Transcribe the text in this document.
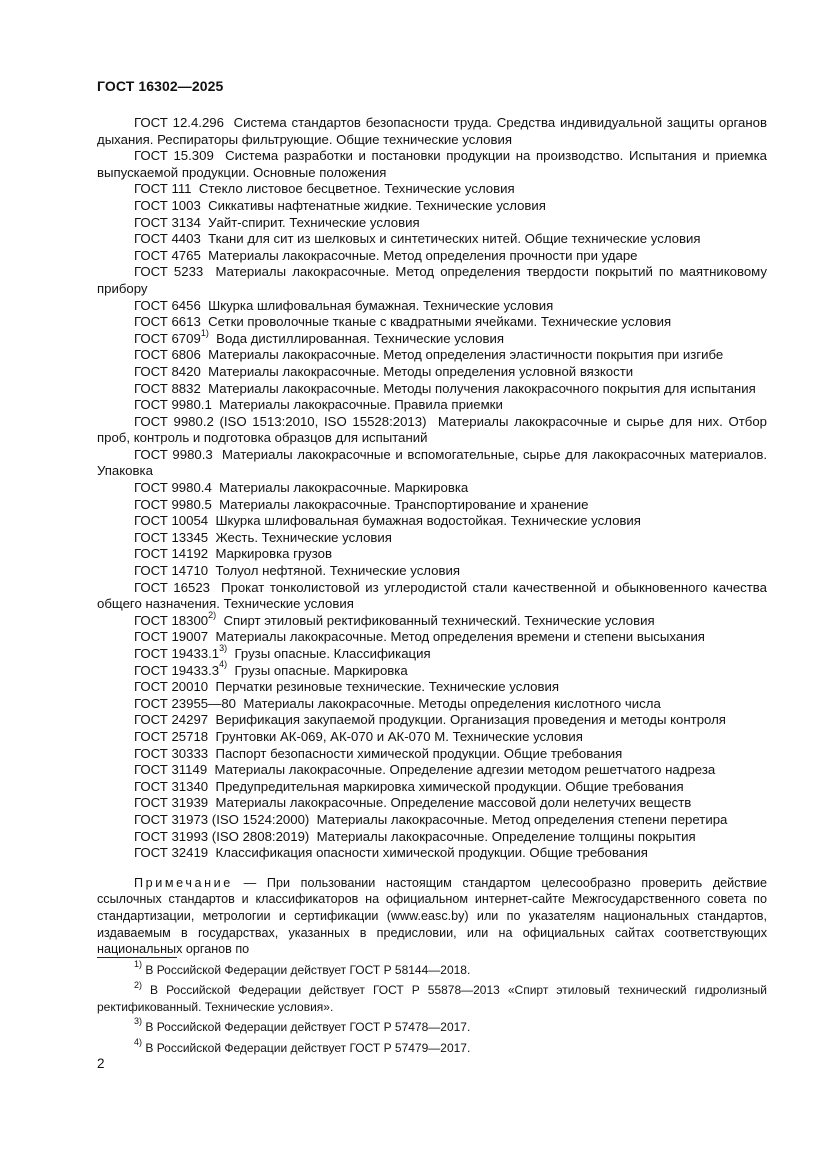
ГОСТ 16302—2025

ГОСТ 12.4.296 Система стандартов безопасности труда. Средства индивидуальной защиты органов дыхания. Респираторы фильтрующие. Общие технические условия

ГОСТ 15.309 Система разработки и постановки продукции на производство. Испытания и приемка выпускаемой продукции. Основные положения

ГОСТ 111 Стекло листовое бесцветное. Технические условия

ГОСТ 1003 Сиккативы нафтенатные жидкие. Технические условия

ГОСТ 3134 Уайт-спирит. Технические условия

ГОСТ 4403 Ткани для сит из шелковых и синтетических нитей. Общие технические условия

ГОСТ 4765 Материалы лакокрасочные. Метод определения прочности при ударе

ГОСТ 5233 Материалы лакокрасочные. Метод определения твердости покрытий по маятниковому прибору

ГОСТ 6456 Шкурка шлифовальная бумажная. Технические условия

ГОСТ 6613 Сетки проволочные тканые с квадратными ячейками. Технические условия

ГОСТ 6709$^{1)}$ Вода дистиллированная. Технические условия

ГОСТ 6806 Материалы лакокрасочные. Метод определения эластичности покрытия при изгибе

ГОСТ 8420 Материалы лакокрасочные. Методы определения условной вязкости

ГОСТ 8832 Материалы лакокрасочные. Методы получения лакокрасочного покрытия для испытания

ГОСТ 9980.1 Материалы лакокрасочные. Правила приемки

ГОСТ 9980.2 (ISO 1513:2010, ISO 15528:2013) Материалы лакокрасочные и сырье для них. Отбор проб, контроль и подготовка образцов для испытаний

ГОСТ 9980.3 Материалы лакокрасочные и вспомогательные, сырье для лакокрасочных материалов. Упаковка

ГОСТ 9980.4 Материалы лакокрасочные. Маркировка

ГОСТ 9980.5 Материалы лакокрасочные. Транспортирование и хранение

ГОСТ 10054 Шкурка шлифовальная бумажная водостойкая. Технические условия

ГОСТ 13345 Жесть. Технические условия

ГОСТ 14192 Маркировка грузов

ГОСТ 14710 Толуол нефтяной. Технические условия

ГОСТ 16523 Прокат тонколистовой из углеродистой стали качественной и обыкновенного качества общего назначения. Технические условия

ГОСТ 18300$^{2)}$ Спирт этиловый ректификованный технический. Технические условия

ГОСТ 19007 Материалы лакокрасочные. Метод определения времени и степени высыхания

ГОСТ 19433.1$^{3)}$ Грузы опасные. Классификация

ГОСТ 19433.3$^{4)}$ Грузы опасные. Маркировка

ГОСТ 20010 Перчатки резиновые технические. Технические условия

ГОСТ 23955—80 Материалы лакокрасочные. Методы определения кислотного числа

ГОСТ 24297 Верификация закупаемой продукции. Организация проведения и методы контроля

ГОСТ 25718 Грунтовки АК-069, АК-070 и АК-070 М. Технические условия

ГОСТ 30333 Паспорт безопасности химической продукции. Общие требования

ГОСТ 31149 Материалы лакокрасочные. Определение адгезии методом решетчатого надреза

ГОСТ 31340 Предупредительная маркировка химической продукции. Общие требования

ГОСТ 31939 Материалы лакокрасочные. Определение массовой доли нелетучих веществ

ГОСТ 31973 (ISO 1524:2000) Материалы лакокрасочные. Метод определения степени перетира

ГОСТ 31993 (ISO 2808:2019) Материалы лакокрасочные. Определение толщины покрытия

ГОСТ 32419 Классификация опасности химической продукции. Общие требования

Примечание — При пользовании настоящим стандартом целесообразно проверить действие ссылочных стандартов и классификаторов на официальном интернет-сайте Межгосударственного совета по стандартизации, метрологии и сертификации (www.easc.by) или по указателям национальных стандартов, издаваемым в государствах, указанных в предисловии, или на официальных сайтах соответствующих национальных органов по

$^{1)}$ В Российской Федерации действует ГОСТ Р 58144—2018.

$^{2)}$ В Российской Федерации действует ГОСТ Р 55878—2013 «Спирт этиловый технический гидролизный ректификованный. Технические условия».

$^{3)}$ В Российской Федерации действует ГОСТ Р 57478—2017.

$^{4)}$ В Российской Федерации действует ГОСТ Р 57479—2017.

2
